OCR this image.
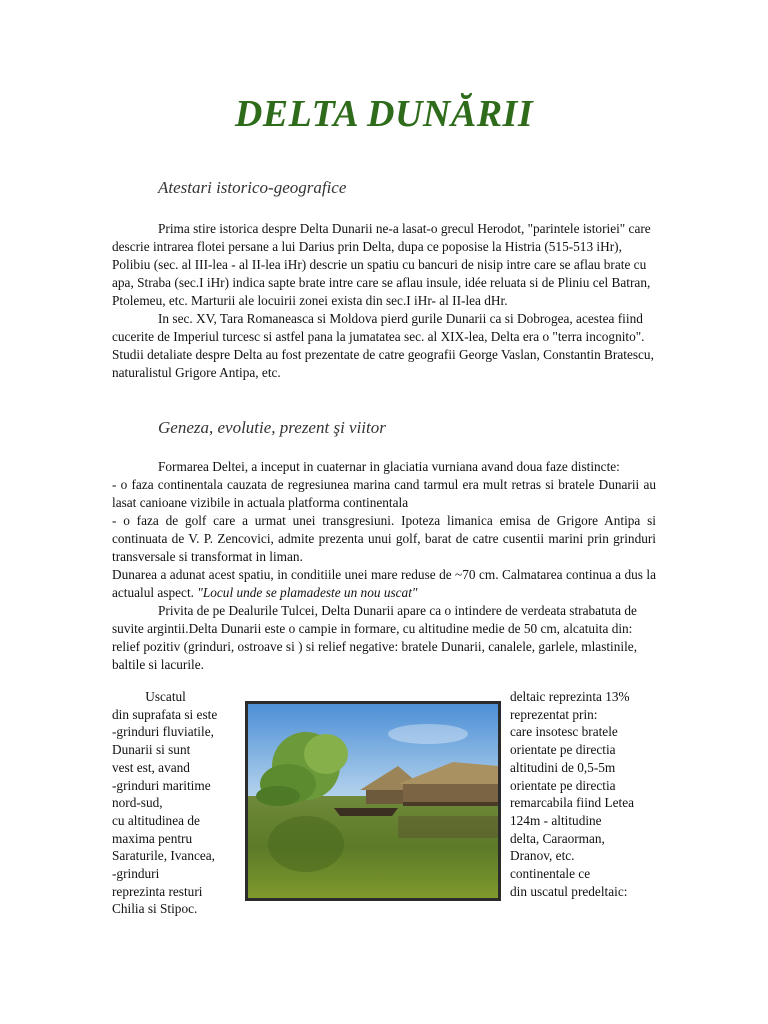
DELTA DUNĂRII
Atestari istorico-geografice

Prima stire istorica despre Delta Dunarii ne-a lasat-o grecul Herodot, "parintele istoriei" care descrie intrarea flotei persane a lui Darius prin Delta, dupa ce poposise la Histria (515-513 iHr), Polibiu (sec. al III-lea - al II-lea iHr) descrie un spatiu cu bancuri de nisip intre care se aflau brate cu apa, Straba (sec.I iHr) indica sapte brate intre care se aflau insule, idée reluata si de Pliniu cel Batran, Ptolemeu, etc. Marturii ale locuirii zonei exista din sec.I iHr- al II-lea dHr.

In sec. XV, Tara Romaneasca si Moldova pierd gurile Dunarii ca si Dobrogea, acestea fiind cucerite de Imperiul turcesc si astfel pana la jumatatea sec. al XIX-lea, Delta era o "terra incognito". Studii detaliate despre Delta au fost prezentate de catre geografii George Vaslan, Constantin Bratescu, naturalistul Grigore Antipa, etc.

Geneza, evolutie, prezent şi viitor

Formarea Deltei, a inceput in cuaternar in glaciatia vurniana avand doua faze distincte:

- o faza continentala cauzata de regresiunea marina cand tarmul era mult retras si bratele Dunarii au lasat canioane vizibile in actuala platforma continentala

- o faza de golf care a urmat unei transgresiuni. Ipoteza limanica emisa de Grigore Antipa si continuata de V. P. Zencovici, admite prezenta unui golf, barat de catre cusentii marini prin grinduri transversale si transformat in liman.

Dunarea a adunat acest spatiu, in conditiile unei mare reduse de ~70 cm. Calmatarea continua a dus la actualul aspect. "Locul unde se plamadeste un nou uscat"

Privita de pe Dealurile Tulcei, Delta Dunarii apare ca o intindere de verdeata strabatuta de suvite argintii.Delta Dunarii este o campie in formare, cu altitudine medie de 50 cm, alcatuita din: relief pozitiv (grinduri, ostroave si ) si relief negative: bratele Dunarii, canalele, garlele, mlastinile, baltile si lacurile.

Uscatul
din suprafata si este
-grinduri fluviatile,
Dunarii si sunt
vest est, avand
-grinduri maritime
nord-sud,
cu altitudinea de
maxima pentru
Saraturile, Ivancea,
-grinduri
reprezinta resturi
Chilia si Stipoc.
deltaic reprezinta 13%
reprezentat prin:
care insotesc bratele
orientate pe directia
altitudini de 0,5-5m
orientate pe directia
remarcabila fiind Letea
124m - altitudine
delta, Caraorman,
Dranov, etc.
continentale ce
din uscatul predeltaic:
